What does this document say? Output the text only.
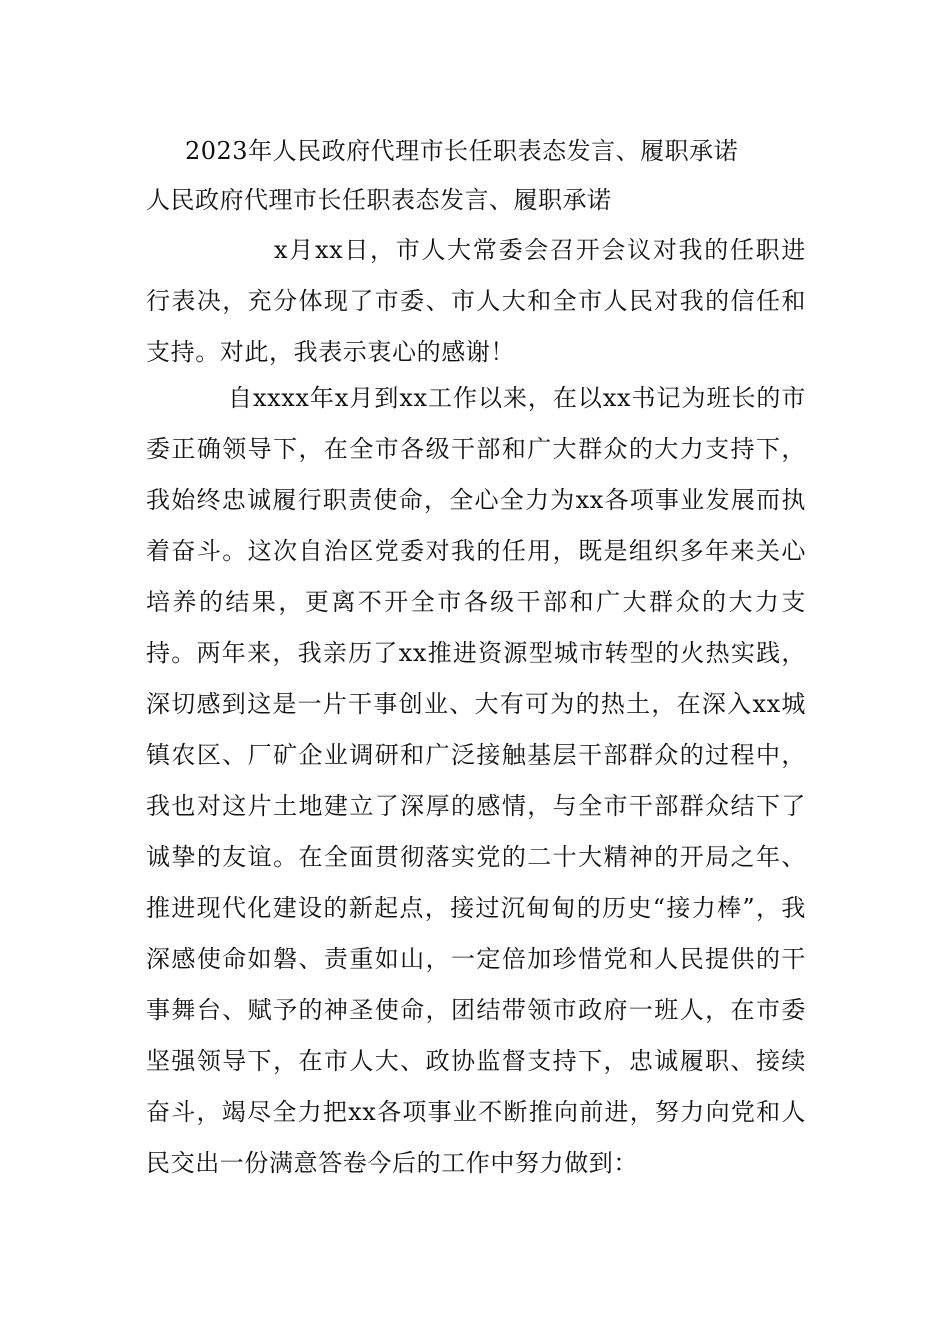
2023年人民政府代理市长任职表态发言、履职承诺
人民政府代理市长任职表态发言、履职承诺

x月xx日，市人大常委会召开会议对我的任职进行表决，充分体现了市委、市人大和全市人民对我的信任和支持。对此，我表示衷心的感谢！

自xxxx年x月到xx工作以来，在以xx书记为班长的市委正确领导下，在全市各级干部和广大群众的大力支持下，我始终忠诚履行职责使命，全心全力为xx各项事业发展而执着奋斗。这次自治区党委对我的任用，既是组织多年来关心培养的结果，更离不开全市各级干部和广大群众的大力支持。两年来，我亲历了xx推进资源型城市转型的火热实践，深切感到这是一片干事创业、大有可为的热土，在深入xx城镇农区、厂矿企业调研和广泛接触基层干部群众的过程中，我也对这片土地建立了深厚的感情，与全市干部群众结下了诚挚的友谊。在全面贯彻落实党的二十大精神的开局之年、推进现代化建设的新起点，接过沉甸甸的历史“接力棒”，我深感使命如磐、责重如山，一定倍加珍惜党和人民提供的干事舞台、赋予的神圣使命，团结带领市政府一班人，在市委坚强领导下，在市人大、政协监督支持下，忠诚履职、接续奋斗，竭尽全力把xx各项事业不断推向前进，努力向党和人民交出一份满意答卷今后的工作中努力做到：
